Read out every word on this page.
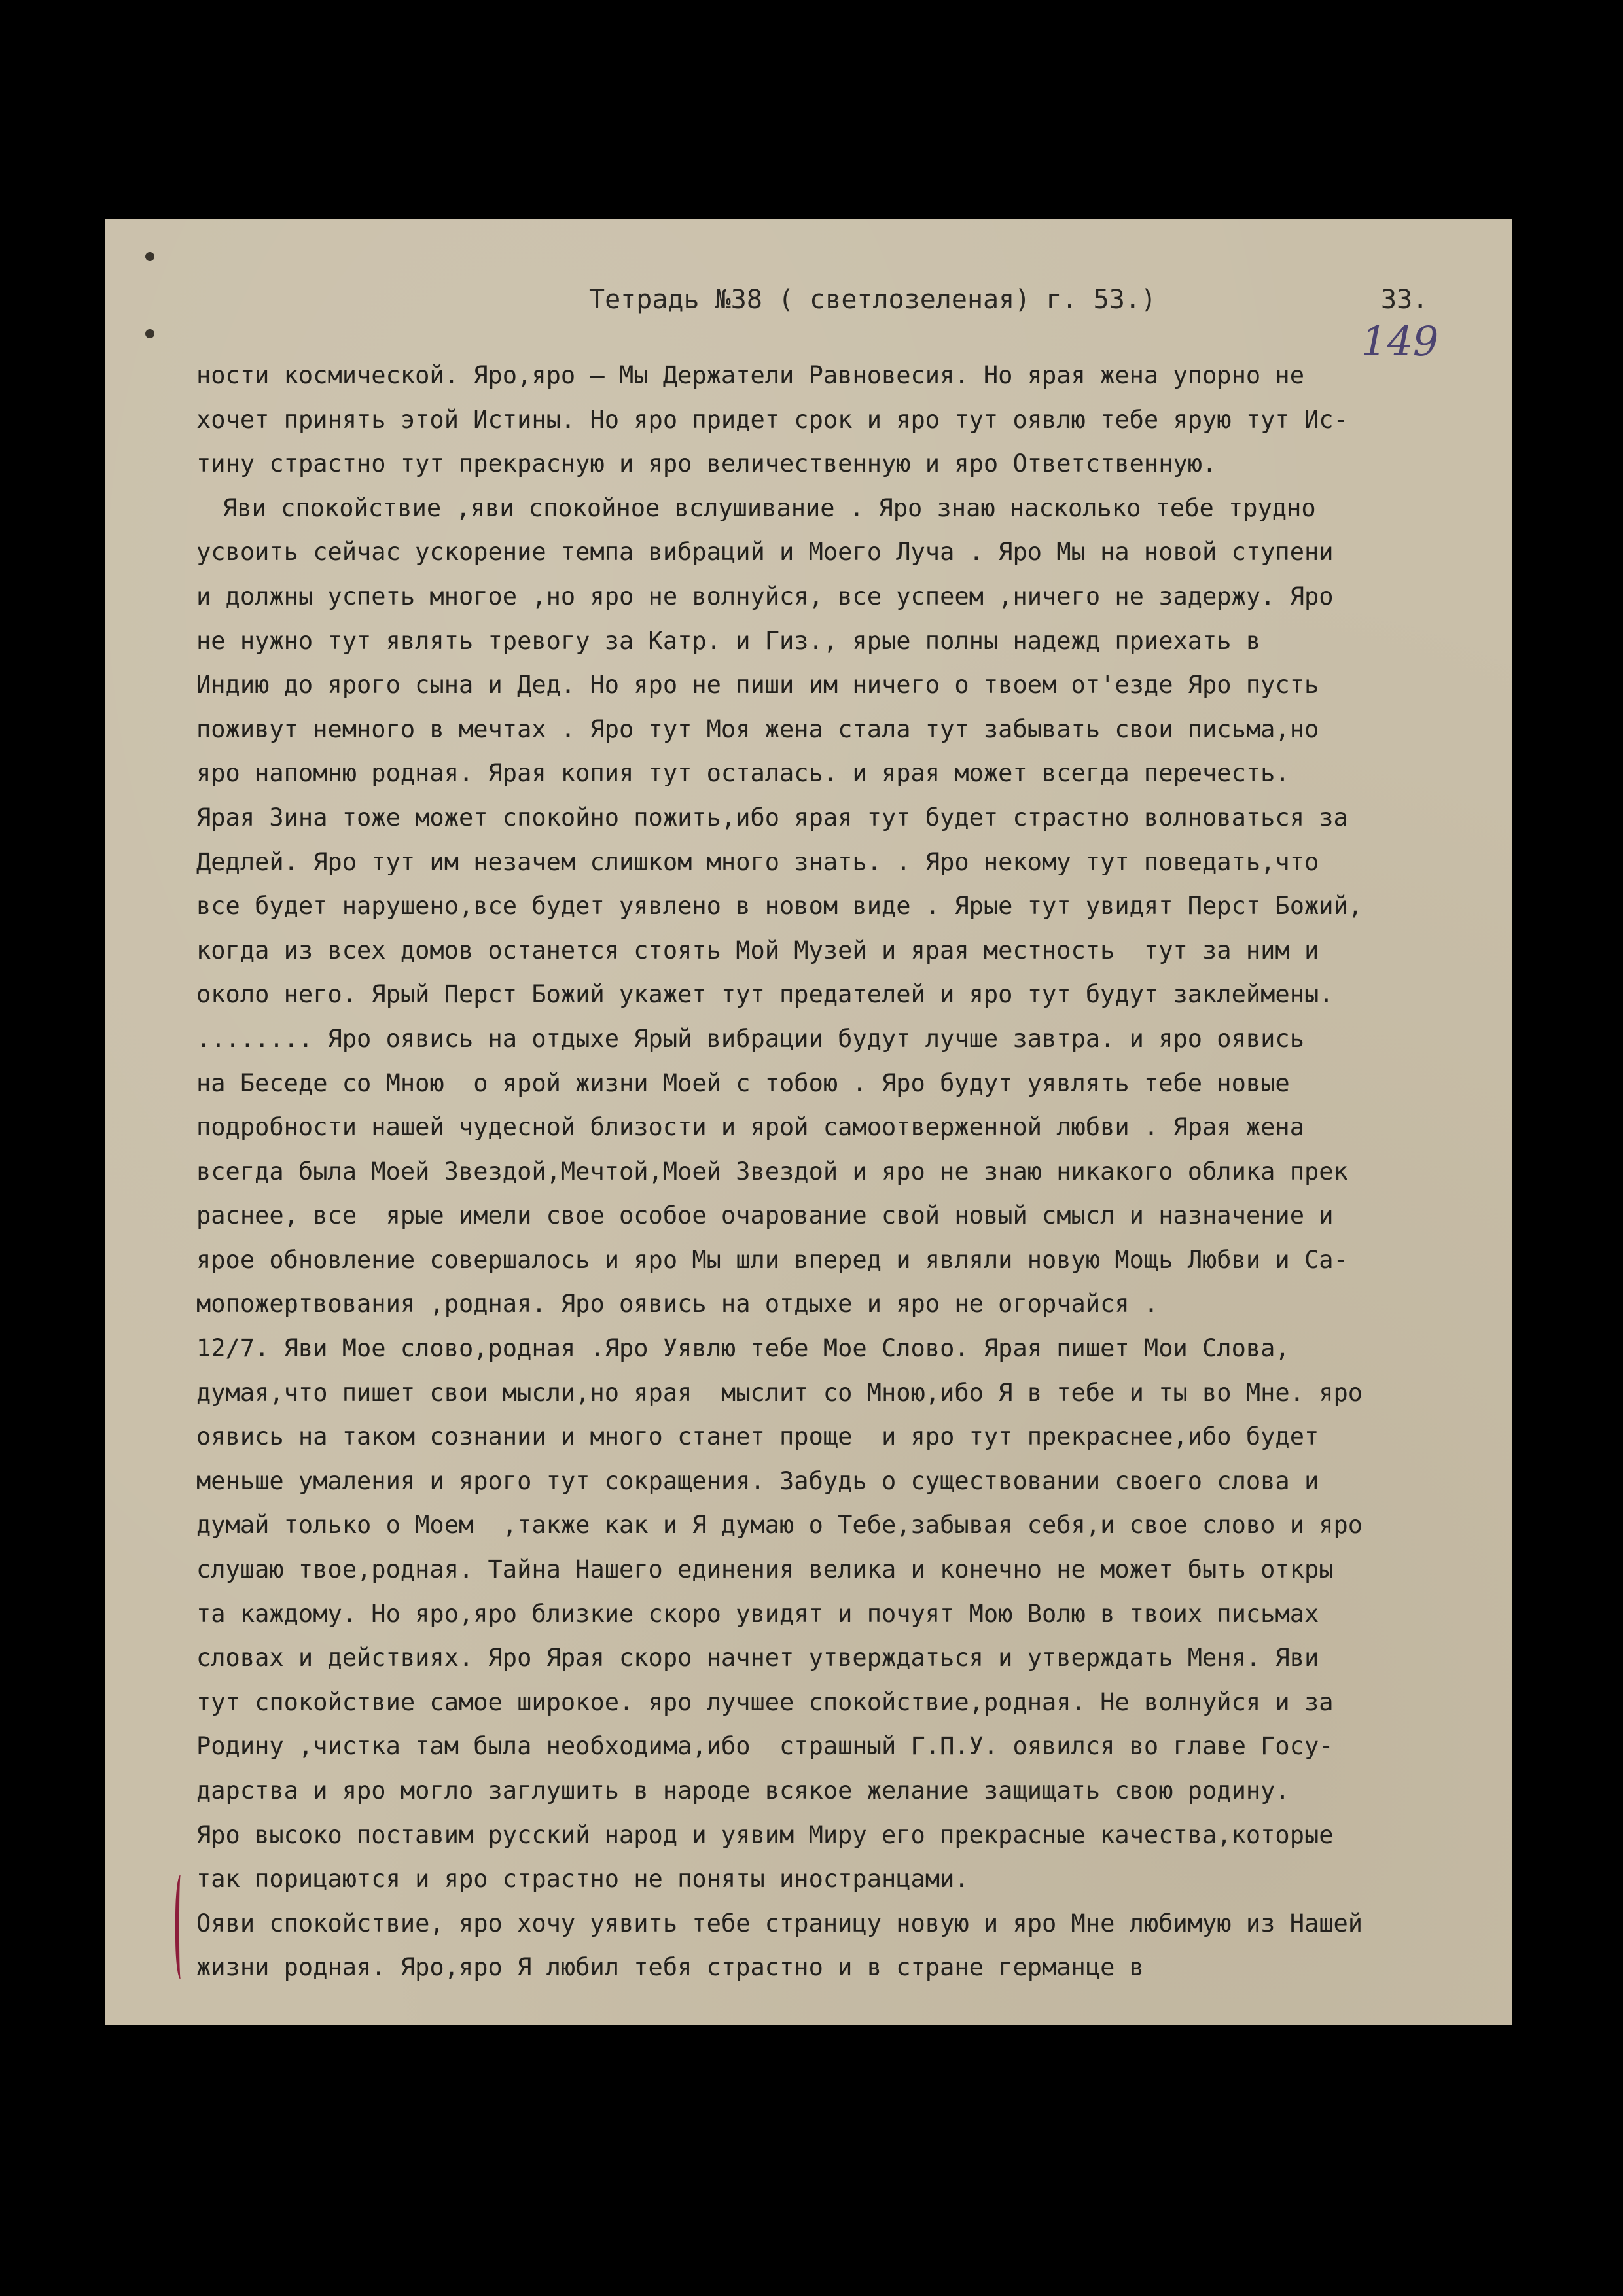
Тетрадь №38 ( светлозеленая) г. 53.)	33.
149
ности космической. Яро,яро – Мы Держатели Равновесия. Но ярая жена упорно не
хочет принять этой Истины. Но яро придет срок и яро тут оявлю тебе ярую тут Ис-
тину страстно тут прекрасную и яро величественную и яро Ответственную.
Яви спокойствие ,яви спокойное вслушивание . Яро знаю насколько тебе трудно
усвоить сейчас ускорение темпа вибраций и Моего Луча . Яро Мы на новой ступени
и должны успеть многое ,но яро не волнуйся, все успеем ,ничего не задержу. Яро
не нужно тут являть тревогу за Катр. и Гиз., ярые полны надежд приехать в
Индию до ярого сына и Дед. Но яро не пиши им ничего о твоем от'езде Яро пусть
поживут немного в мечтах . Яро тут Моя жена стала тут забывать свои письма,но
яро напомню родная. Ярая копия тут осталась. и ярая может всегда перечесть.
Ярая Зина тоже может спокойно пожить,ибо ярая тут будет страстно волноваться за
Дедлей. Яро тут им незачем слишком много знать. . Яро некому тут поведать,что
все будет нарушено,все будет уявлено в новом виде . Ярые тут увидят Перст Божий,
когда из всех домов останется стоять Мой Музей и ярая местность  тут за ним и
около него. Ярый Перст Божий укажет тут предателей и яро тут будут заклеймены.
........ Яро оявись на отдыхе Ярый вибрации будут лучше завтра. и яро оявись
на Беседе со Мною  о ярой жизни Моей с тобою . Яро будут уявлять тебе новые
подробности нашей чудесной близости и ярой самоотверженной любви . Ярая жена
всегда была Моей Звездой,Мечтой,Моей Звездой и яро не знаю никакого облика прек
раснее, все  ярые имели свое особое очарование свой новый смысл и назначение и
ярое обновление совершалось и яро Мы шли вперед и являли новую Мощь Любви и Са-
мопожертвования ,родная. Яро оявись на отдыхе и яро не огорчайся .
12/7. Яви Мое слово,родная .Яро Уявлю тебе Мое Слово. Ярая пишет Мои Слова,
думая,что пишет свои мысли,но ярая  мыслит со Мною,ибо Я в тебе и ты во Мне. яро
оявись на таком сознании и много станет проще  и яро тут прекраснее,ибо будет
меньше умаления и ярого тут сокращения. Забудь о существовании своего слова и
думай только о Моем  ,также как и Я думаю о Тебе,забывая себя,и свое слово и яро
слушаю твое,родная. Тайна Нашего единения велика и конечно не может быть откры
та каждому. Но яро,яро близкие скоро увидят и почуят Мою Волю в твоих письмах
словах и действиях. Яро Ярая скоро начнет утверждаться и утверждать Меня. Яви
тут спокойствие самое широкое. яро лучшее спокойствие,родная. Не волнуйся и за
Родину ,чистка там была необходима,ибо  страшный Г.П.У. оявился во главе Госу-
дарства и яро могло заглушить в народе всякое желание защищать свою родину.
Яро высоко поставим русский народ и уявим Миру его прекрасные качества,которые
так порицаются и яро страстно не поняты иностранцами.
Ояви спокойствие, яро хочу уявить тебе страницу новую и яро Мне любимую из Нашей
жизни родная. Яро,яро Я любил тебя страстно и в стране германце в
